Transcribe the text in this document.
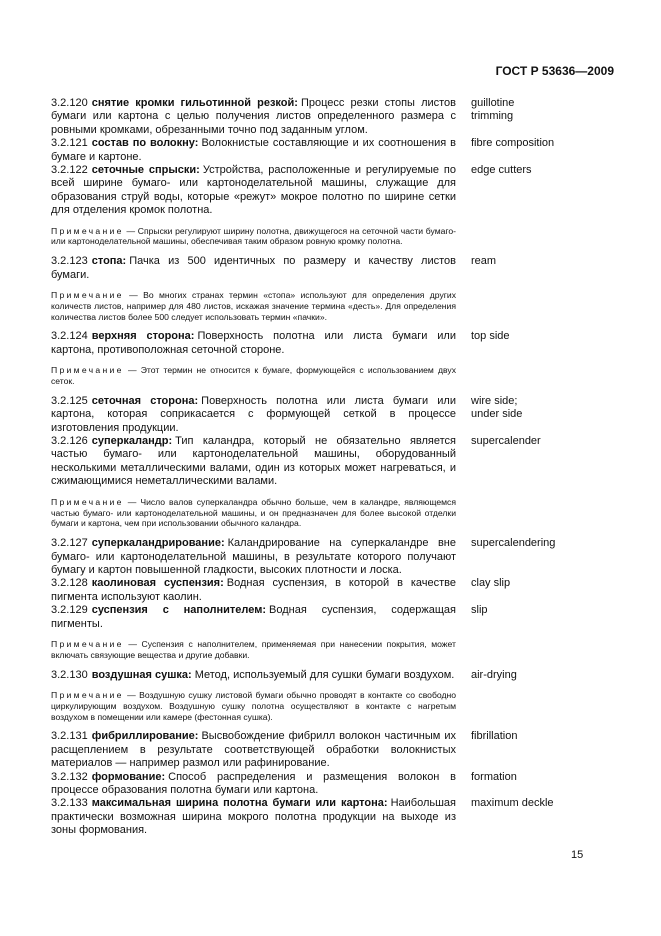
ГОСТ Р 53636—2009
3.2.120 снятие кромки гильотинной резкой: Процесс резки стопы листов бумаги или картона с целью получения листов определенного размера с ровными кромками, обрезанными точно под заданным углом.
guillotine
trimming
3.2.121 состав по волокну: Волокнистые составляющие и их соотношения в бумаге и картоне.
fibre composition
3.2.122 сеточные спрыски: Устройства, расположенные и регулируемые по всей ширине бумаго- или картоноделательной машины, служащие для образования струй воды, которые «режут» мокрое полотно по ширине сетки для отделения кромок полотна.
edge cutters
Примечание — Спрыски регулируют ширину полотна, движущегося на сеточной части бумаго- или картоноделательной машины, обеспечивая таким образом ровную кромку полотна.
3.2.123 стопа: Пачка из 500 идентичных по размеру и качеству листов бумаги.
ream
Примечание — Во многих странах термин «стопа» используют для определения других количеств листов, например для 480 листов, искажая значение термина «десть». Для определения количества листов более 500 следует использовать термин «пачки».
3.2.124 верхняя сторона: Поверхность полотна или листа бумаги или картона, противоположная сеточной стороне.
top side
Примечание — Этот термин не относится к бумаге, формующейся с использованием двух сеток.
3.2.125 сеточная сторона: Поверхность полотна или листа бумаги или картона, которая соприкасается с формующей сеткой в процессе изготовления продукции.
wire side;
under side
3.2.126 суперкаландр: Тип каландра, который не обязательно является частью бумаго- или картоноделательной машины, оборудованный несколькими металлическими валами, один из которых может нагреваться, и сжимающимися неметаллическими валами.
supercalender
Примечание — Число валов суперкаландра обычно больше, чем в каландре, являющемся частью бумаго- или картоноделательной машины, и он предназначен для более высокой отделки бумаги и картона, чем при использовании обычного каландра.
3.2.127 суперкаландрирование: Каландрирование на суперкаландре вне бумаго- или картоноделательной машины, в результате которого получают бумагу и картон повышенной гладкости, высоких плотности и лоска.
supercalendering
3.2.128 каолиновая суспензия: Водная суспензия, в которой в качестве пигмента используют каолин.
clay slip
3.2.129 суспензия с наполнителем: Водная суспензия, содержащая пигменты.
slip
Примечание — Суспензия с наполнителем, применяемая при нанесении покрытия, может включать связующие вещества и другие добавки.
3.2.130 воздушная сушка: Метод, используемый для сушки бумаги воздухом. air-drying
Примечание — Воздушную сушку листовой бумаги обычно проводят в контакте со свободно циркулирующим воздухом. Воздушную сушку полотна осуществляют в контакте с нагретым воздухом в помещении или камере (фестонная сушка).
3.2.131 фибриллирование: Высвобождение фибрилл волокон частичным их расщеплением в результате соответствующей обработки волокнистых материалов — например размол или рафинирование.
fibrillation
3.2.132 формование: Способ распределения и размещения волокон в процессе образования полотна бумаги или картона.
formation
3.2.133 максимальная ширина полотна бумаги или картона: Наибольшая практически возможная ширина мокрого полотна продукции на выходе из зоны формования.
maximum deckle
15
